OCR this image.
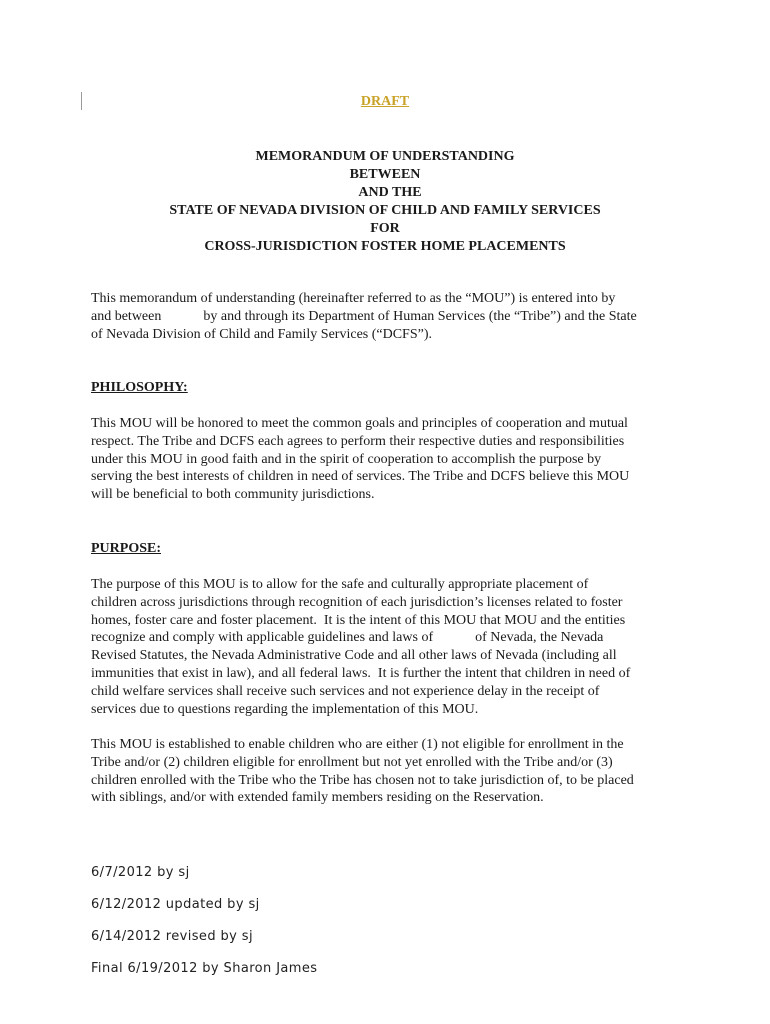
DRAFT
MEMORANDUM OF UNDERSTANDING
BETWEEN
AND THE
STATE OF NEVADA DIVISION OF CHILD AND FAMILY SERVICES
FOR
CROSS-JURISDICTION FOSTER HOME PLACEMENTS
This memorandum of understanding (hereinafter referred to as the “MOU”) is entered into by
and between            by and through its Department of Human Services (the “Tribe”) and the State
of Nevada Division of Child and Family Services (“DCFS”).
PHILOSOPHY:
This MOU will be honored to meet the common goals and principles of cooperation and mutual
respect. The Tribe and DCFS each agrees to perform their respective duties and responsibilities
under this MOU in good faith and in the spirit of cooperation to accomplish the purpose by
serving the best interests of children in need of services. The Tribe and DCFS believe this MOU
will be beneficial to both community jurisdictions.
PURPOSE:
The purpose of this MOU is to allow for the safe and culturally appropriate placement of
children across jurisdictions through recognition of each jurisdiction’s licenses related to foster
homes, foster care and foster placement.  It is the intent of this MOU that MOU and the entities
recognize and comply with applicable guidelines and laws of            of Nevada, the Nevada
Revised Statutes, the Nevada Administrative Code and all other laws of Nevada (including all
immunities that exist in law), and all federal laws.  It is further the intent that children in need of
child welfare services shall receive such services and not experience delay in the receipt of
services due to questions regarding the implementation of this MOU.
This MOU is established to enable children who are either (1) not eligible for enrollment in the
Tribe and/or (2) children eligible for enrollment but not yet enrolled with the Tribe and/or (3)
children enrolled with the Tribe who the Tribe has chosen not to take jurisdiction of, to be placed
with siblings, and/or with extended family members residing on the Reservation.
6/7/2012 by sj
6/12/2012 updated by sj
6/14/2012 revised by sj
Final 6/19/2012 by Sharon James
